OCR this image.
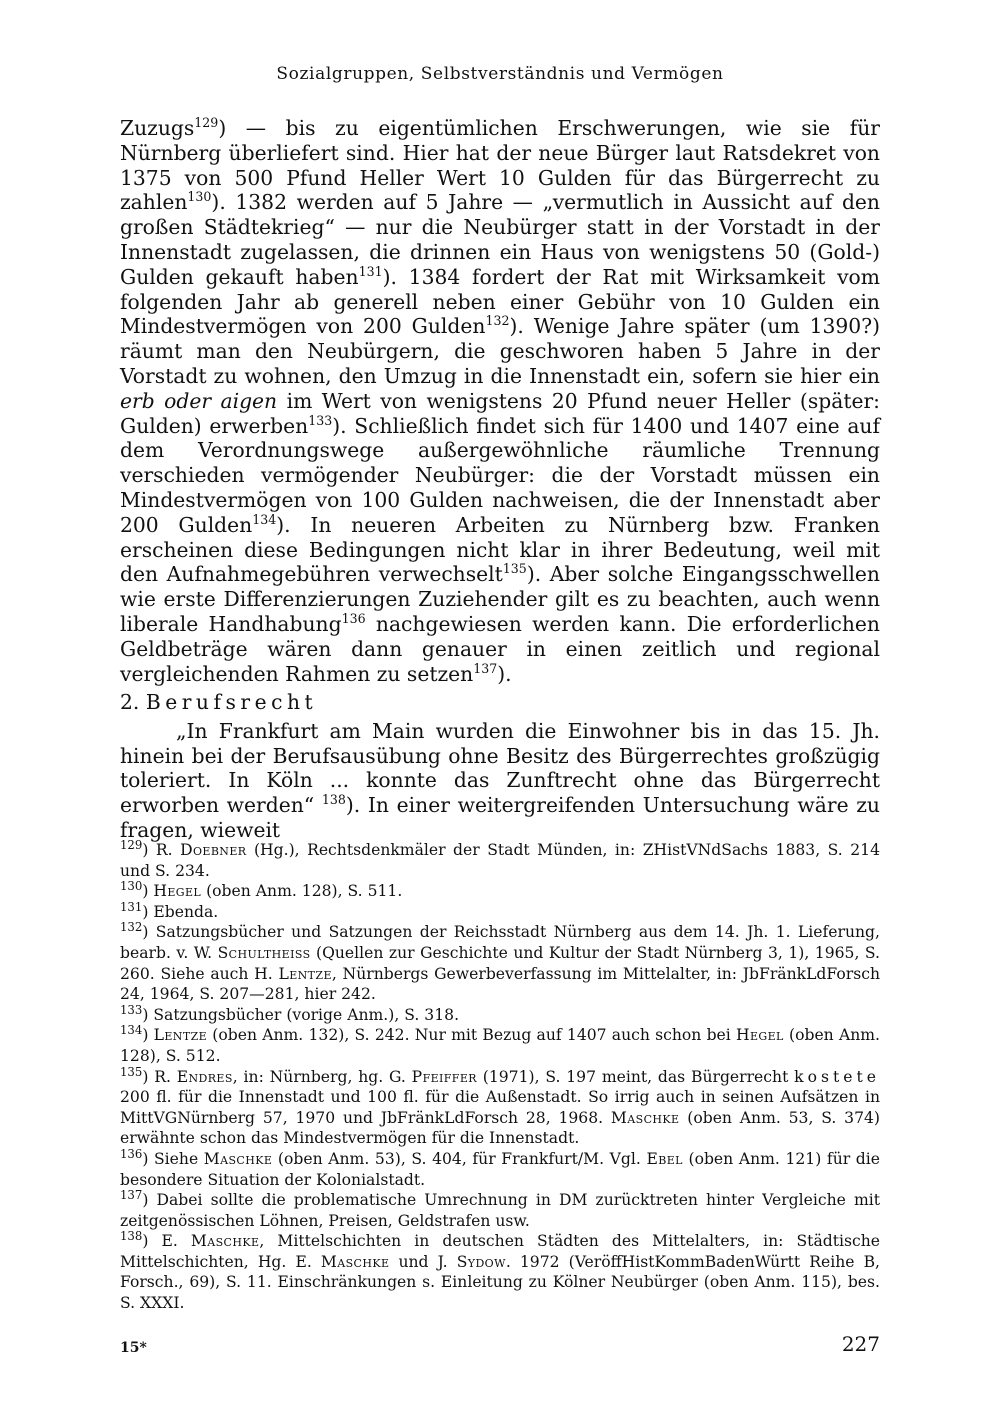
Sozialgruppen, Selbstverständnis und Vermögen

Zuzugs$^{129}$) — bis zu eigentümlichen Erschwerungen, wie sie für Nürnberg überliefert sind. Hier hat der neue Bürger laut Ratsdekret von 1375 von 500 Pfund Heller Wert 10 Gulden für das Bürgerrecht zu zahlen$^{130}$). 1382 werden auf 5 Jahre — „vermutlich in Aussicht auf den großen Städtekrieg“ — nur die Neubürger statt in der Vorstadt in der Innenstadt zugelassen, die drinnen ein Haus von wenigstens 50 (Gold-) Gulden gekauft haben$^{131}$). 1384 fordert der Rat mit Wirksamkeit vom folgenden Jahr ab generell neben einer Gebühr von 10 Gulden ein Mindestvermögen von 200 Gulden$^{132}$). Wenige Jahre später (um 1390?) räumt man den Neubürgern, die geschworen haben 5 Jahre in der Vorstadt zu wohnen, den Umzug in die Innenstadt ein, sofern sie hier ein erb oder aigen im Wert von wenigstens 20 Pfund neuer Heller (später: Gulden) erwerben$^{133}$). Schließlich findet sich für 1400 und 1407 eine auf dem Verordnungswege außergewöhnliche räumliche Trennung verschieden vermögender Neubürger: die der Vorstadt müssen ein Mindestvermögen von 100 Gulden nachweisen, die der Innenstadt aber 200 Gulden$^{134}$). In neueren Arbeiten zu Nürnberg bzw. Franken erscheinen diese Bedingungen nicht klar in ihrer Bedeutung, weil mit den Aufnahmegebühren verwechselt$^{135}$). Aber solche Eingangsschwellen wie erste Differenzierungen Zuziehender gilt es zu beachten, auch wenn liberale Handhabung$^{136}$ nachgewiesen werden kann. Die erforderlichen Geldbeträge wären dann genauer in einen zeitlich und regional vergleichenden Rahmen zu setzen$^{137}$).

2. Berufsrecht

„In Frankfurt am Main wurden die Einwohner bis in das 15. Jh. hinein bei der Berufsausübung ohne Besitz des Bürgerrechtes großzügig toleriert. In Köln ... konnte das Zunftrecht ohne das Bürgerrecht erworben werden“ $^{138}$). In einer weitergreifenden Untersuchung wäre zu fragen, wieweit

$^{129}$) R. Doebner (Hg.), Rechtsdenkmäler der Stadt Münden, in: ZHistVNdSachs 1883, S. 214 und S. 234.

$^{130}$) Hegel (oben Anm. 128), S. 511.

$^{131}$) Ebenda.

$^{132}$) Satzungsbücher und Satzungen der Reichsstadt Nürnberg aus dem 14. Jh. 1. Lieferung, bearb. v. W. Schultheiss (Quellen zur Geschichte und Kultur der Stadt Nürnberg 3, 1), 1965, S. 260. Siehe auch H. Lentze, Nürnbergs Gewerbeverfassung im Mittelalter, in: JbFränkLdForsch 24, 1964, S. 207—281, hier 242.

$^{133}$) Satzungsbücher (vorige Anm.), S. 318.

$^{134}$) Lentze (oben Anm. 132), S. 242. Nur mit Bezug auf 1407 auch schon bei Hegel (oben Anm. 128), S. 512.

$^{135}$) R. Endres, in: Nürnberg, hg. G. Pfeiffer (1971), S. 197 meint, das Bürgerrecht kostete 200 fl. für die Innenstadt und 100 fl. für die Außenstadt. So irrig auch in seinen Aufsätzen in MittVGNürnberg 57, 1970 und JbFränkLdForsch 28, 1968. Maschke (oben Anm. 53, S. 374) erwähnte schon das Mindestvermögen für die Innenstadt.

$^{136}$) Siehe Maschke (oben Anm. 53), S. 404, für Frankfurt/M. Vgl. Ebel (oben Anm. 121) für die besondere Situation der Kolonialstadt.

$^{137}$) Dabei sollte die problematische Umrechnung in DM zurücktreten hinter Vergleiche mit zeitgenössischen Löhnen, Preisen, Geldstrafen usw.

$^{138}$) E. Maschke, Mittelschichten in deutschen Städten des Mittelalters, in: Städtische Mittelschichten, Hg. E. Maschke und J. Sydow. 1972 (VeröffHistKommBadenWürtt Reihe B, Forsch., 69), S. 11. Einschränkungen s. Einleitung zu Kölner Neubürger (oben Anm. 115), bes. S. XXXI.

15*	227
